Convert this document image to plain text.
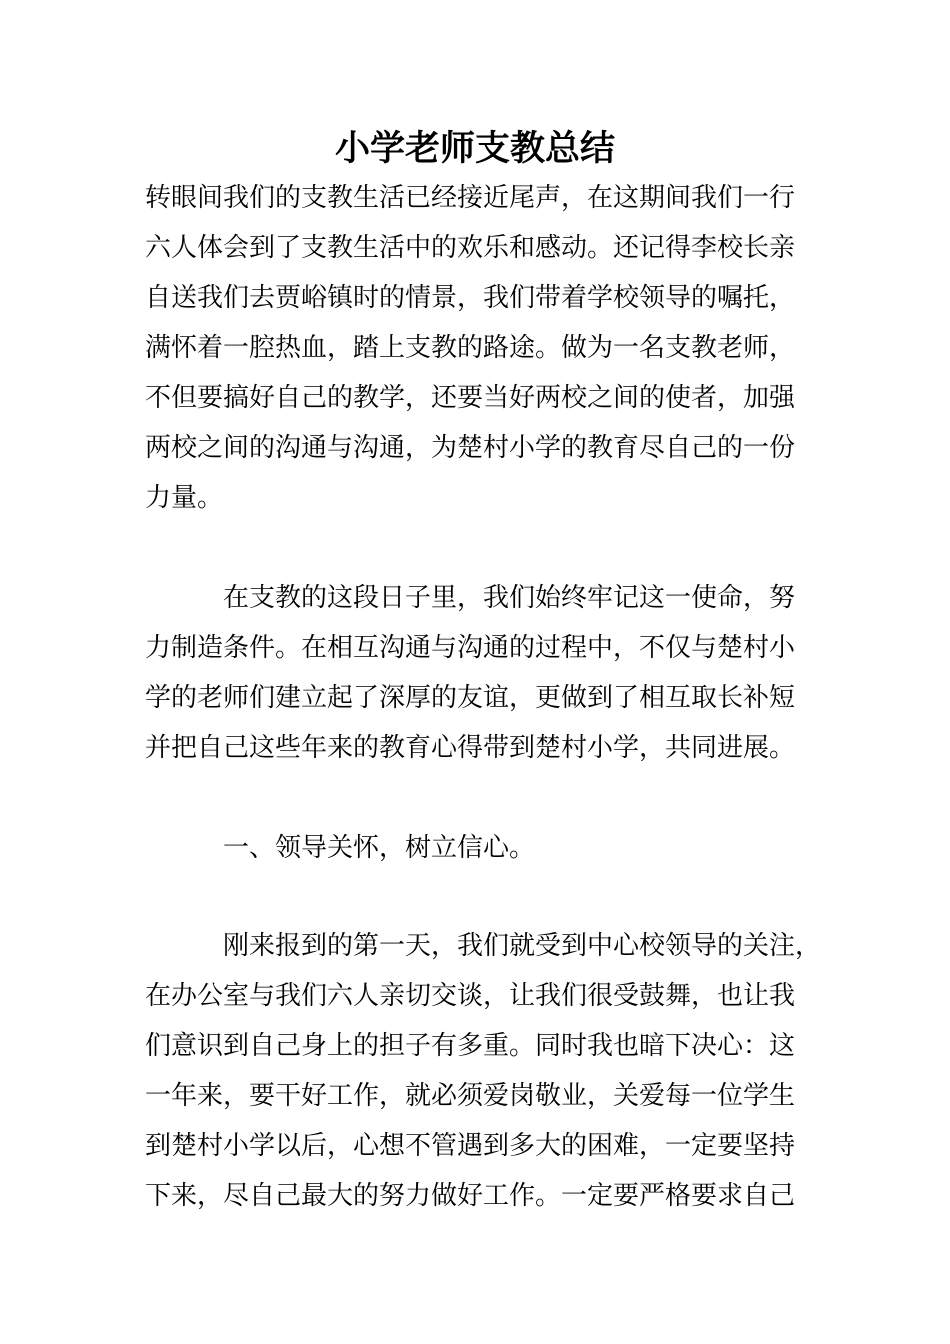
小学老师支教总结
转眼间我们的支教生活已经接近尾声，在这期间我们一行
六人体会到了支教生活中的欢乐和感动。还记得李校长亲
自送我们去贾峪镇时的情景，我们带着学校领导的嘱托，
满怀着一腔热血，踏上支教的路途。做为一名支教老师，
不但要搞好自己的教学，还要当好两校之间的使者，加强
两校之间的沟通与沟通，为楚村小学的教育尽自己的一份
力量。
　　　在支教的这段日子里，我们始终牢记这一使命，努
力制造条件。在相互沟通与沟通的过程中，不仅与楚村小
学的老师们建立起了深厚的友谊，更做到了相互取长补短
并把自己这些年来的教育心得带到楚村小学，共同进展。
　　　一、领导关怀，树立信心。
　　　刚来报到的第一天，我们就受到中心校领导的关注，
在办公室与我们六人亲切交谈，让我们很受鼓舞，也让我
们意识到自己身上的担子有多重。同时我也暗下决心：这
一年来，要干好工作，就必须爱岗敬业，关爱每一位学生
到楚村小学以后，心想不管遇到多大的困难，一定要坚持
下来，尽自己最大的努力做好工作。一定要严格要求自己
